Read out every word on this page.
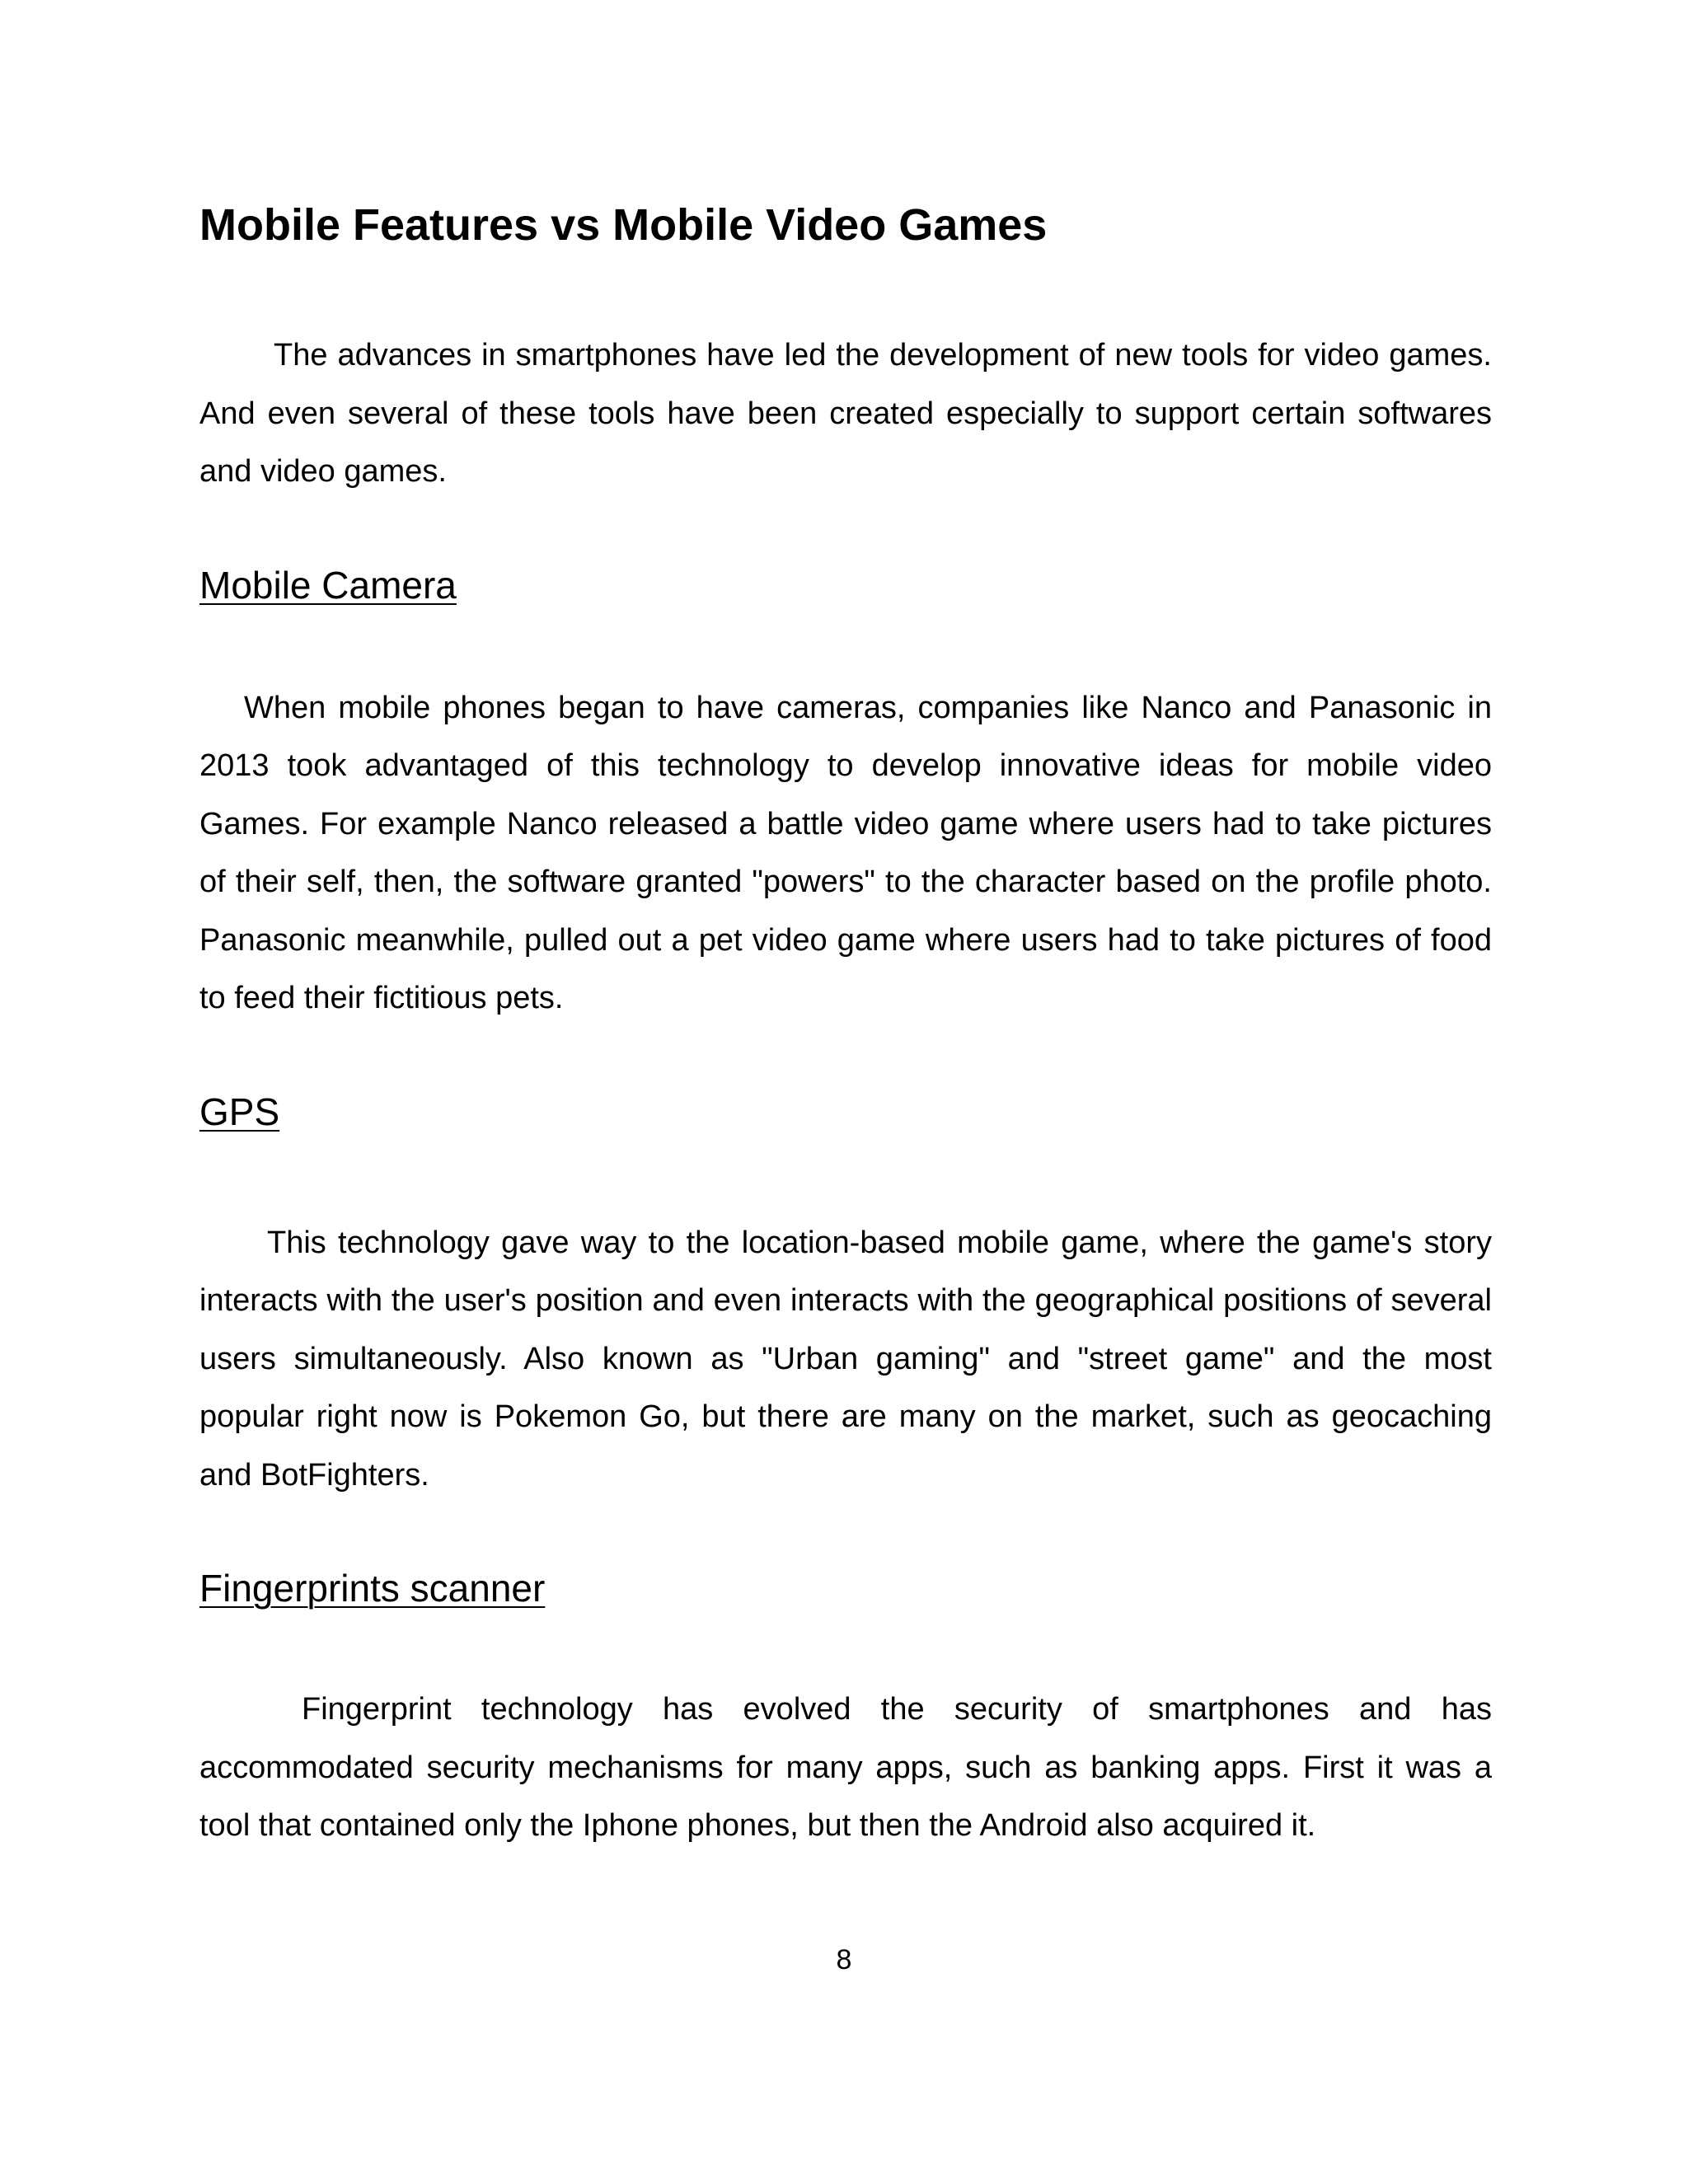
Mobile Features vs Mobile Video Games

The advances in smartphones have led the development of new tools for video games. And even several of these tools have been created especially to support certain softwares and video games.

Mobile Camera

When mobile phones began to have cameras, companies like Nanco and Panasonic in 2013 took advantaged of this technology to develop innovative ideas for mobile video Games. For example Nanco released a battle video game where users had to take pictures of their self, then, the software granted "powers" to the character based on the profile photo. Panasonic meanwhile, pulled out a pet video game where users had to take pictures of food to feed their fictitious pets.

GPS

This technology gave way to the location-based mobile game, where the game's story interacts with the user's position and even interacts with the geographical positions of several users simultaneously. Also known as "Urban gaming" and "street game" and the most popular right now is Pokemon Go, but there are many on the market, such as geocaching and BotFighters.

Fingerprints scanner

Fingerprint technology has evolved the security of smartphones and has accommodated security mechanisms for many apps, such as banking apps. First it was a tool that contained only the Iphone phones, but then the Android also acquired it.

8
